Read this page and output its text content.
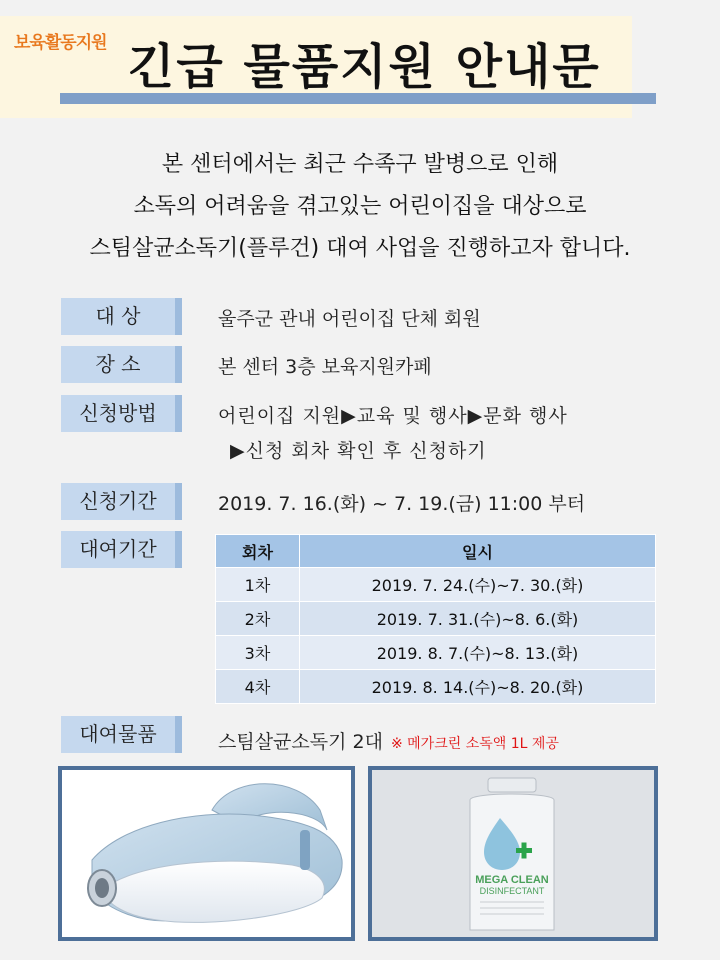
보육활동지원 긴급 물품지원 안내문
본 센터에서는 최근 수족구 발병으로 인해
소독의 어려움을 겪고있는 어린이집을 대상으로
스팀살균소독기(플루건) 대여 사업을 진행하고자 합니다.
대 상	울주군 관내 어린이집 단체 회원
장 소	본 센터 3층 보육지원카페
신청방법	어린이집 지원▶교육 및 행사▶문화 행사
▶신청 회차 확인 후 신청하기
신청기간	2019. 7. 16.(화) ~ 7. 19.(금) 11:00 부터
대여기간	회차	일시
1차	2019. 7. 24.(수)~7. 30.(화)
2차	2019. 7. 31.(수)~8. 6.(화)
3차	2019. 8. 7.(수)~8. 13.(화)
4차	2019. 8. 14.(수)~8. 20.(화)
대여물품	스팀살균소독기 2대 ※ 메가크린 소독액 1L 제공
MEGA CLEAN
DISINFECTANT
